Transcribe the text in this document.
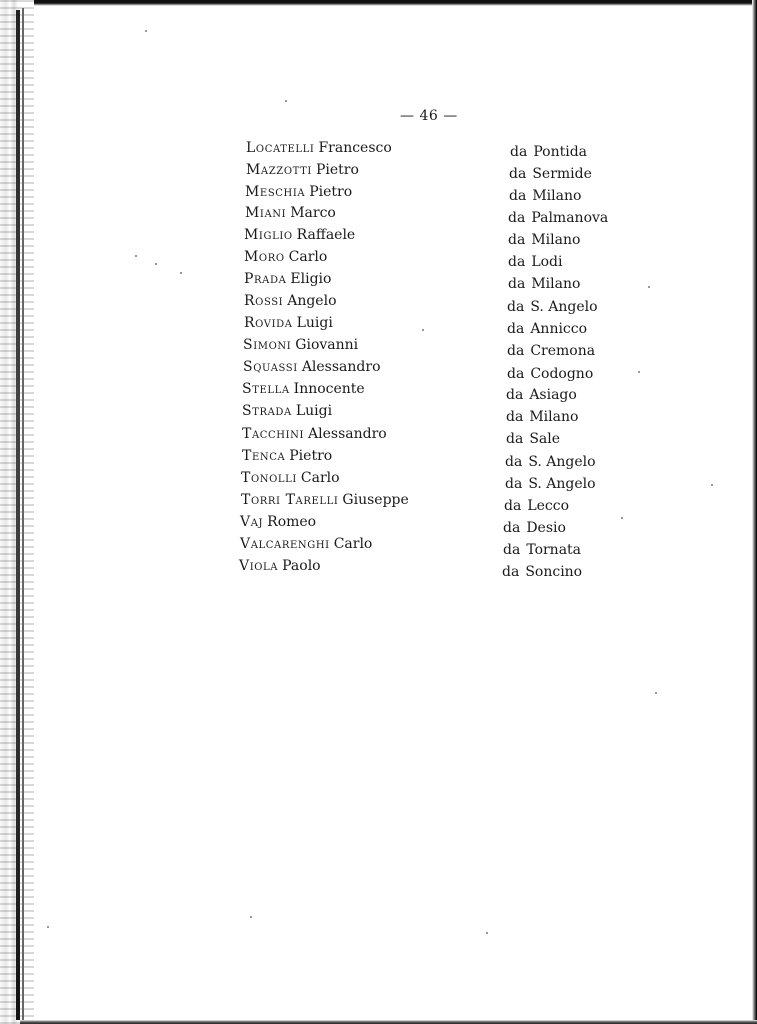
— 46 —
Locatelli Francesco	da Pontida
Mazzotti Pietro	da Sermide
Meschia Pietro	da Milano
Miani Marco	da Palmanova
Miglio Raffaele	da Milano
Moro Carlo	da Lodi
Prada Eligio	da Milano
Rossi Angelo	da S. Angelo
Rovida Luigi	da Annicco
Simoni Giovanni	da Cremona
Squassi Alessandro	da Codogno
Stella Innocente	da Asiago
Strada Luigi	da Milano
Tacchini Alessandro	da Sale
Tenca Pietro	da S. Angelo
Tonolli Carlo	da S. Angelo
Torri Tarelli Giuseppe	da Lecco
Vaj Romeo	da Desio
Valcarenghi Carlo	da Tornata
Viola Paolo	da Soncino
